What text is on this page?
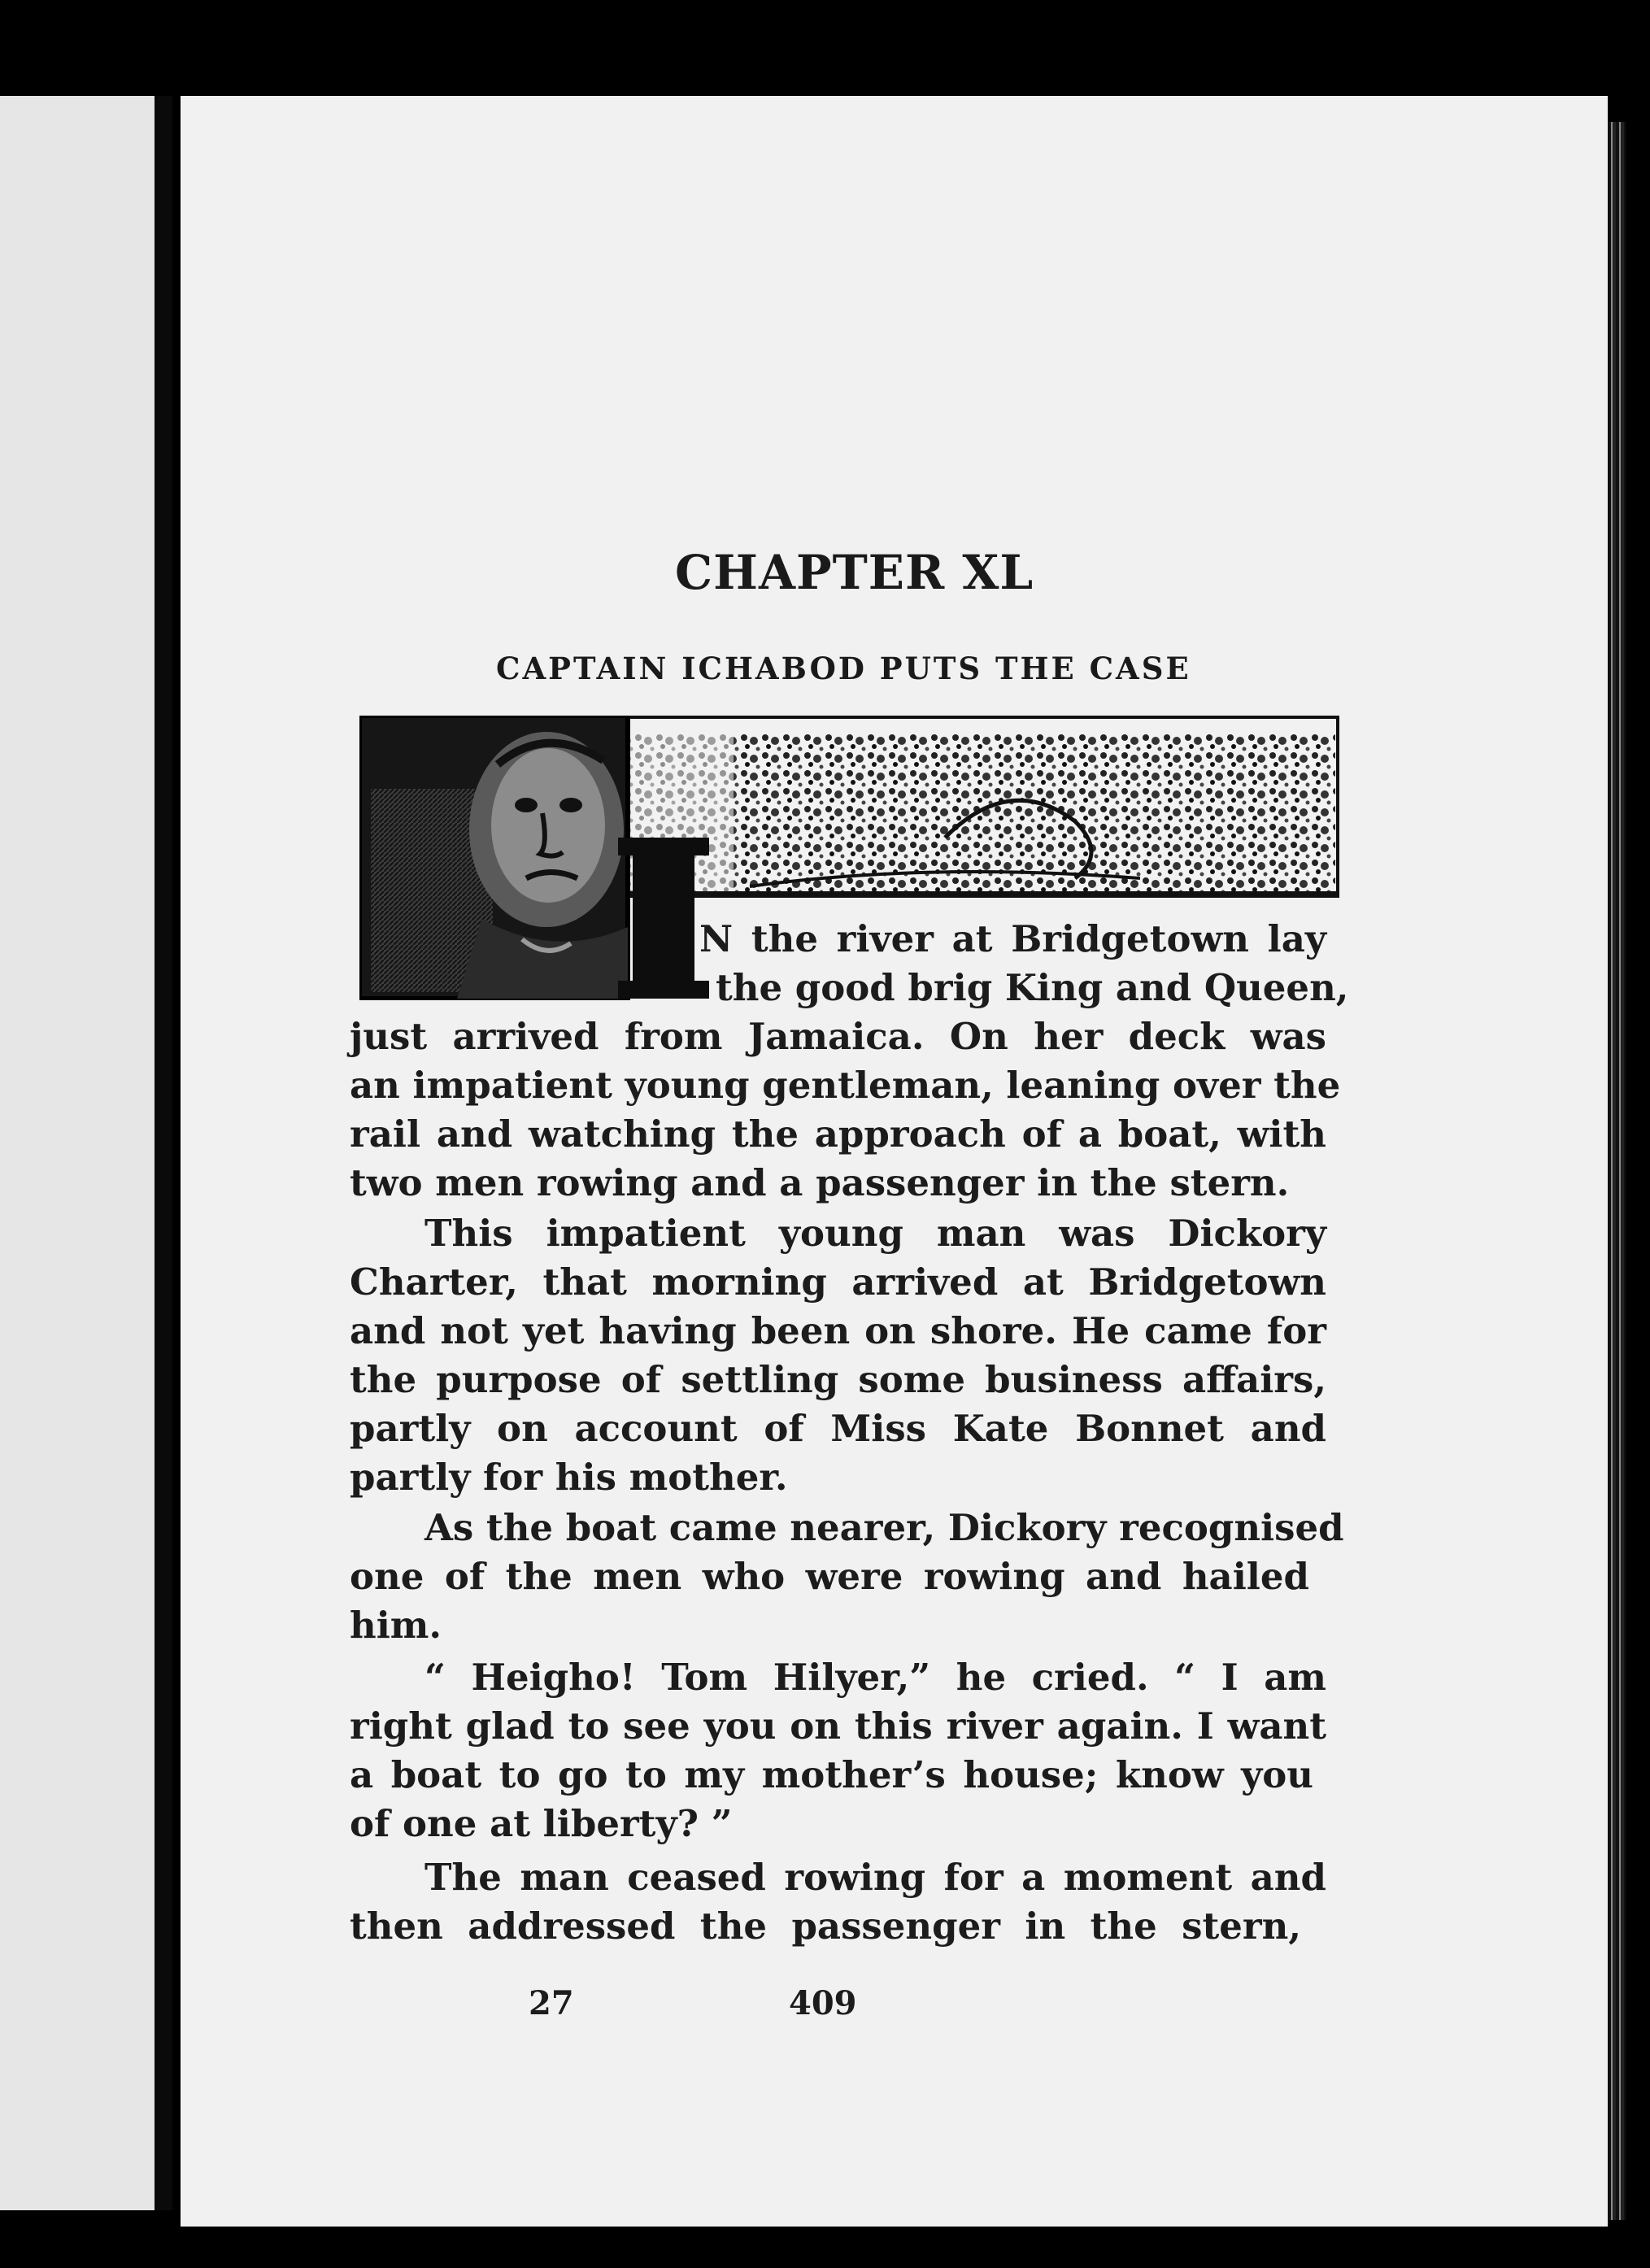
CHAPTER XL
CAPTAIN ICHABOD PUTS THE CASE
I
N the river at Bridgetown lay
the good brig King and Queen,
just arrived from Jamaica. On her deck was
an impatient young gentleman, leaning over the
rail and watching the approach of a boat, with
two men rowing and a passenger in the stern.
This impatient young man was Dickory
Charter, that morning arrived at Bridgetown
and not yet having been on shore. He came for
the purpose of settling some business affairs,
partly on account of Miss Kate Bonnet and
partly for his mother.
As the boat came nearer, Dickory recognised
one of the men who were rowing and hailed
him.
“ Heigho! Tom Hilyer,” he cried. “ I am
right glad to see you on this river again. I want
a boat to go to my mother’s house; know you
of one at liberty? ”
The man ceased rowing for a moment and
then addressed the passenger in the stern,
27	409
